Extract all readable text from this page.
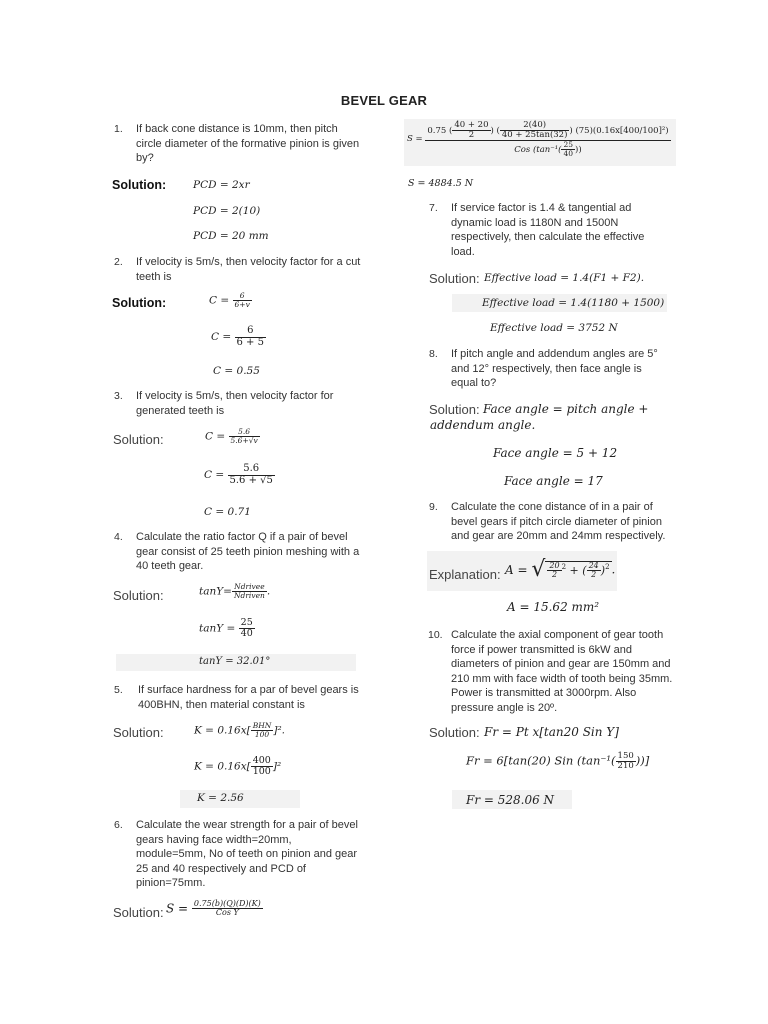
BEVEL GEAR
1. If back cone distance is 10mm, then pitch circle diameter of the formative pinion is given by?
Solution:	PCD = 2xr
PCD = 2(10)
PCD = 20 mm
2. If velocity is 5m/s, then velocity factor for a cut teeth is
Solution:	$C = \frac{6}{6+v}$
$C = \frac{6}{6 + 5}$
C = 0.55
3. If velocity is 5m/s, then velocity factor for generated teeth is
Solution:	$C = \frac{5.6}{5.6+√v}$
$C = \frac{5.6}{5.6 + √5}$
C = 0.71
4. Calculate the ratio factor Q if a pair of bevel gear consist of 25 teeth pinion meshing with a 40 teeth gear.
Solution:	$\tan Y= \frac{\text{Ndrivee}}{\text{Ndriven}}$ .
$\tan Y = \frac{25}{40}$
tanY = 32.01°
5. If surface hardness for a par of bevel gears is 400BHN, then material constant is
Solution:	$K = 0.16x[ \frac{\text{BHN}}{100} ]^2$.
$K = 0.16x[ \frac{400}{100} ]^2$
K = 2.56
6. Calculate the wear strength for a pair of bevel gears having face width=20mm, module=5mm, No of teeth on pinion and gear 25 and 40 respectively and PCD of pinion=75mm.
Solution: $S = \frac{0.75(b)(Q)(D)(K)}{\text{Cos Y}}$
S =
0.75 ( $\frac{40 + 20}{2}$ ) ( $\frac{2(40)}{40 + 25\tan(32)}$ ) (75)(0.16x[400/100]²)
Cos ($\tan^{-1}( \frac{25}{40}$ ))
S = 4884.5 N
7. If service factor is 1.4 & tangential ad dynamic load is 1180N and 1500N respectively, then calculate the effective load.
Solution: Effective load = 1.4(F1 + F2).
Effective load = 1.4(1180 + 1500)
Effective load = 3752 N
8. If pitch angle and addendum angles are 5° and 12° respectively, then face angle is equal to?
Solution: Face angle = pitch angle +
addendum angle.
Face angle = 5 + 12
Face angle = 17
9. Calculate the cone distance of in a pair of bevel gears if pitch circle diameter of pinion and gear are 20mm and 24mm respectively.
Explanation: A = √ $\frac{20}{2} ^2$ + ( $\frac{24}{2} )^2$ .
A = 15.62 mm²
10. Calculate the axial component of gear tooth force if power transmitted is 6kW and diameters of pinion and gear are 150mm and 210 mm with face width of tooth being 35mm. Power is transmitted at 3000rpm. Also pressure angle is 20º.
Solution: Fr = Pt x[tan20 Sin Y]
Fr = 6[tan(20) Sin ($\tan^{-1}( \frac{150}{210}$ ))]
Fr = 528.06 N
